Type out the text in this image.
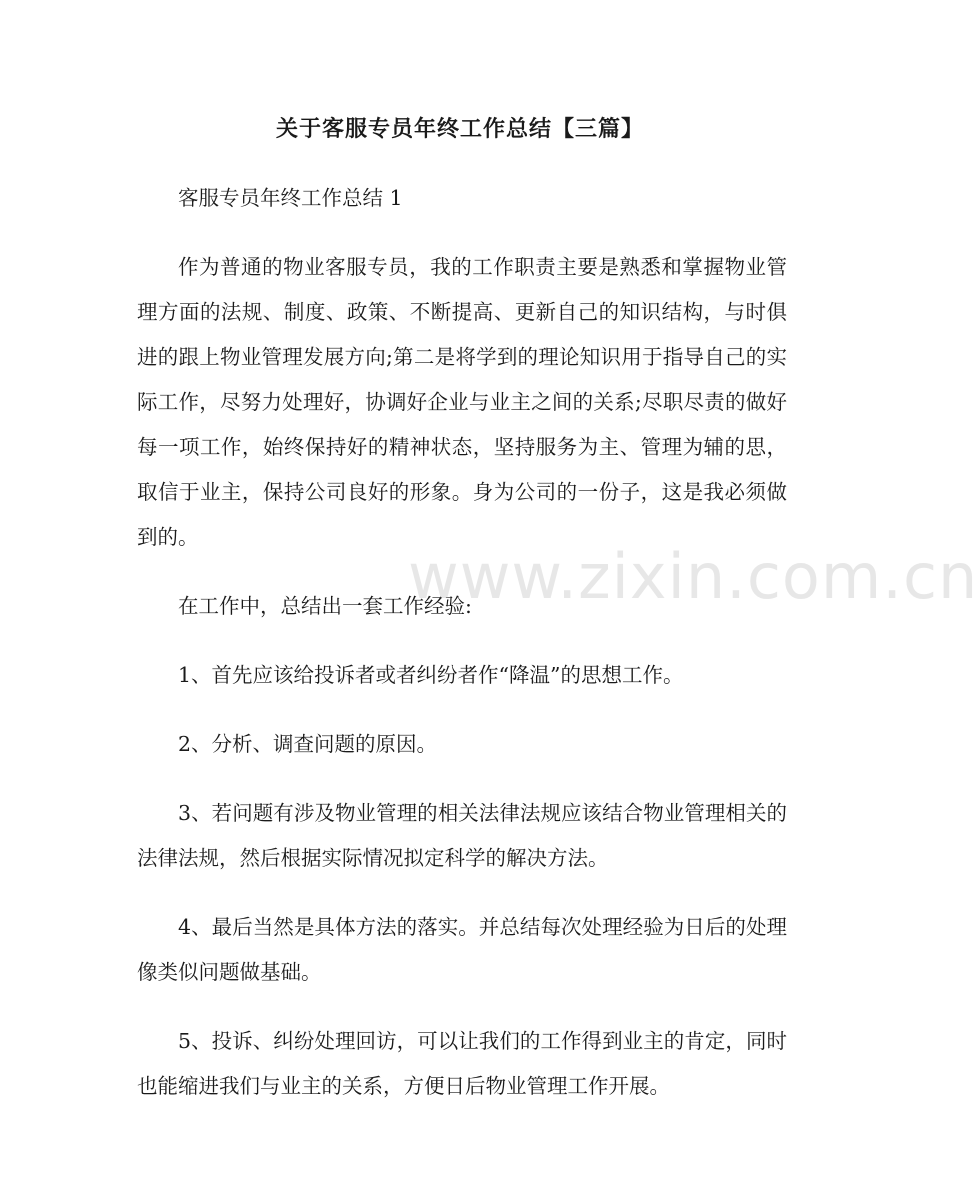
关于客服专员年终工作总结【三篇】

客服专员年终工作总结 1

作为普通的物业客服专员，我的工作职责主要是熟悉和掌握物业管理方面的法规、制度、政策、不断提高、更新自己的知识结构，与时俱进的跟上物业管理发展方向;第二是将学到的理论知识用于指导自己的实际工作，尽努力处理好，协调好企业与业主之间的关系;尽职尽责的做好每一项工作，始终保持好的精神状态，坚持服务为主、管理为辅的思，取信于业主，保持公司良好的形象。身为公司的一份子，这是我必须做到的。

在工作中，总结出一套工作经验:

1、首先应该给投诉者或者纠纷者作“降温”的思想工作。

2、分析、调查问题的原因。

3、若问题有涉及物业管理的相关法律法规应该结合物业管理相关的法律法规，然后根据实际情况拟定科学的解决方法。

4、最后当然是具体方法的落实。并总结每次处理经验为日后的处理像类似问题做基础。

5、投诉、纠纷处理回访，可以让我们的工作得到业主的肯定，同时也能缩进我们与业主的关系，方便日后物业管理工作开展。

www.zixin.com.cn
